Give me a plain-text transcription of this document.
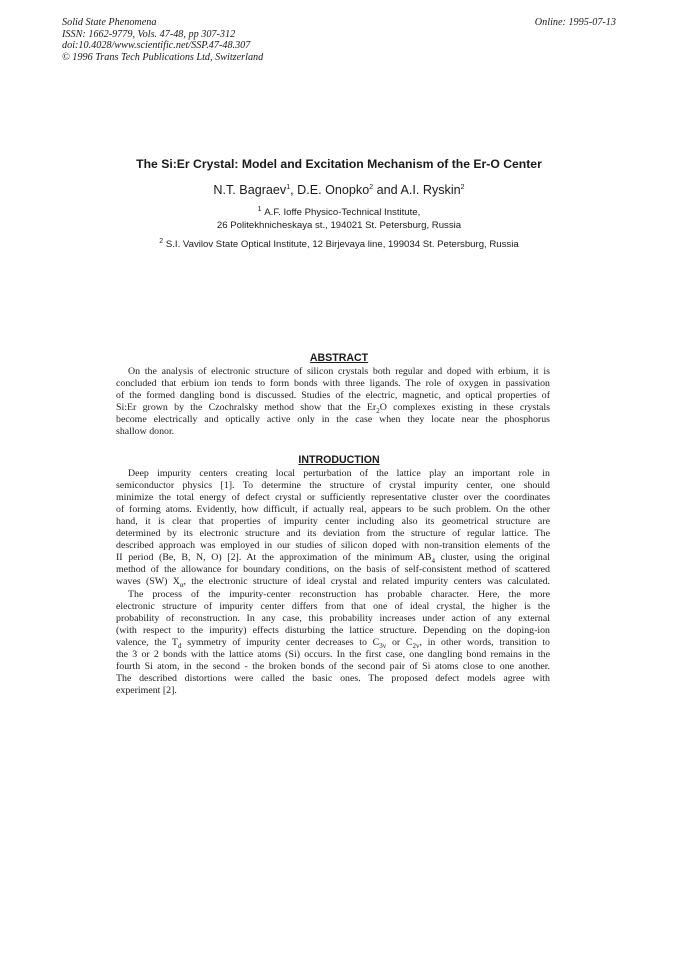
Solid State Phenomena
ISSN: 1662-9779, Vols. 47-48, pp 307-312
doi:10.4028/www.scientific.net/SSP.47-48.307
© 1996 Trans Tech Publications Ltd, Switzerland
Online: 1995-07-13
The Si:Er Crystal: Model and Excitation Mechanism of the Er-O Center
N.T. Bagraev$^1$, D.E. Onopko$^2$ and A.I. Ryskin$^2$
$^1$ A.F. Ioffe Physico-Technical Institute,
26 Politekhnicheskaya st., 194021 St. Petersburg, Russia
$^2$ S.I. Vavilov State Optical Institute, 12 Birjevaya line, 199034 St. Petersburg, Russia
ABSTRACT
On the analysis of electronic structure of silicon crystals both regular and doped with erbium, it is
concluded that erbium ion tends to form bonds with three ligands. The role of oxygen in passivation
of the formed dangling bond is discussed. Studies of the electric, magnetic, and optical properties of
Si:Er grown by the Czochralsky method show that the $Er_2O$ complexes existing in these crystals
become electrically and optically active only in the case when they locate near the phosphorus
shallow donor.
INTRODUCTION
Deep impurity centers creating local perturbation of the lattice play an important role in
semiconductor physics [1]. To determine the structure of crystal impurity center, one should
minimize the total energy of defect crystal or sufficiently representative cluster over the coordinates
of forming atoms. Evidently, how difficult, if actually real, appears to be such problem. On the other
hand, it is clear that properties of impurity center including also its geometrical structure are
determined by its electronic structure and its deviation from the structure of regular lattice. The
described approach was employed in our studies of silicon doped with non-transition elements of the
II period (Be, B, N, O) [2]. At the approximation of the minimum $AB_4$ cluster, using the original
method of the allowance for boundary conditions, on the basis of self-consistent method of scattered
waves (SW) $X_\alpha$, the electronic structure of ideal crystal and related impurity centers was calculated.
The process of the impurity-center reconstruction has probable character. Here, the more
electronic structure of impurity center differs from that one of ideal crystal, the higher is the
probability of reconstruction. In any case, this probability increases under action of any external
(with respect to the impurity) effects disturbing the lattice structure. Depending on the doping-ion
valence, the $T_d$ symmetry of impurity center decreases to $C_{3v}$ or $C_{2v}$, in other words, transition to
the 3 or 2 bonds with the lattice atoms (Si) occurs. In the first case, one dangling bond remains in the
fourth Si atom, in the second - the broken bonds of the second pair of Si atoms close to one another.
The described distortions were called the basic ones. The proposed defect models agree with
experiment [2].
